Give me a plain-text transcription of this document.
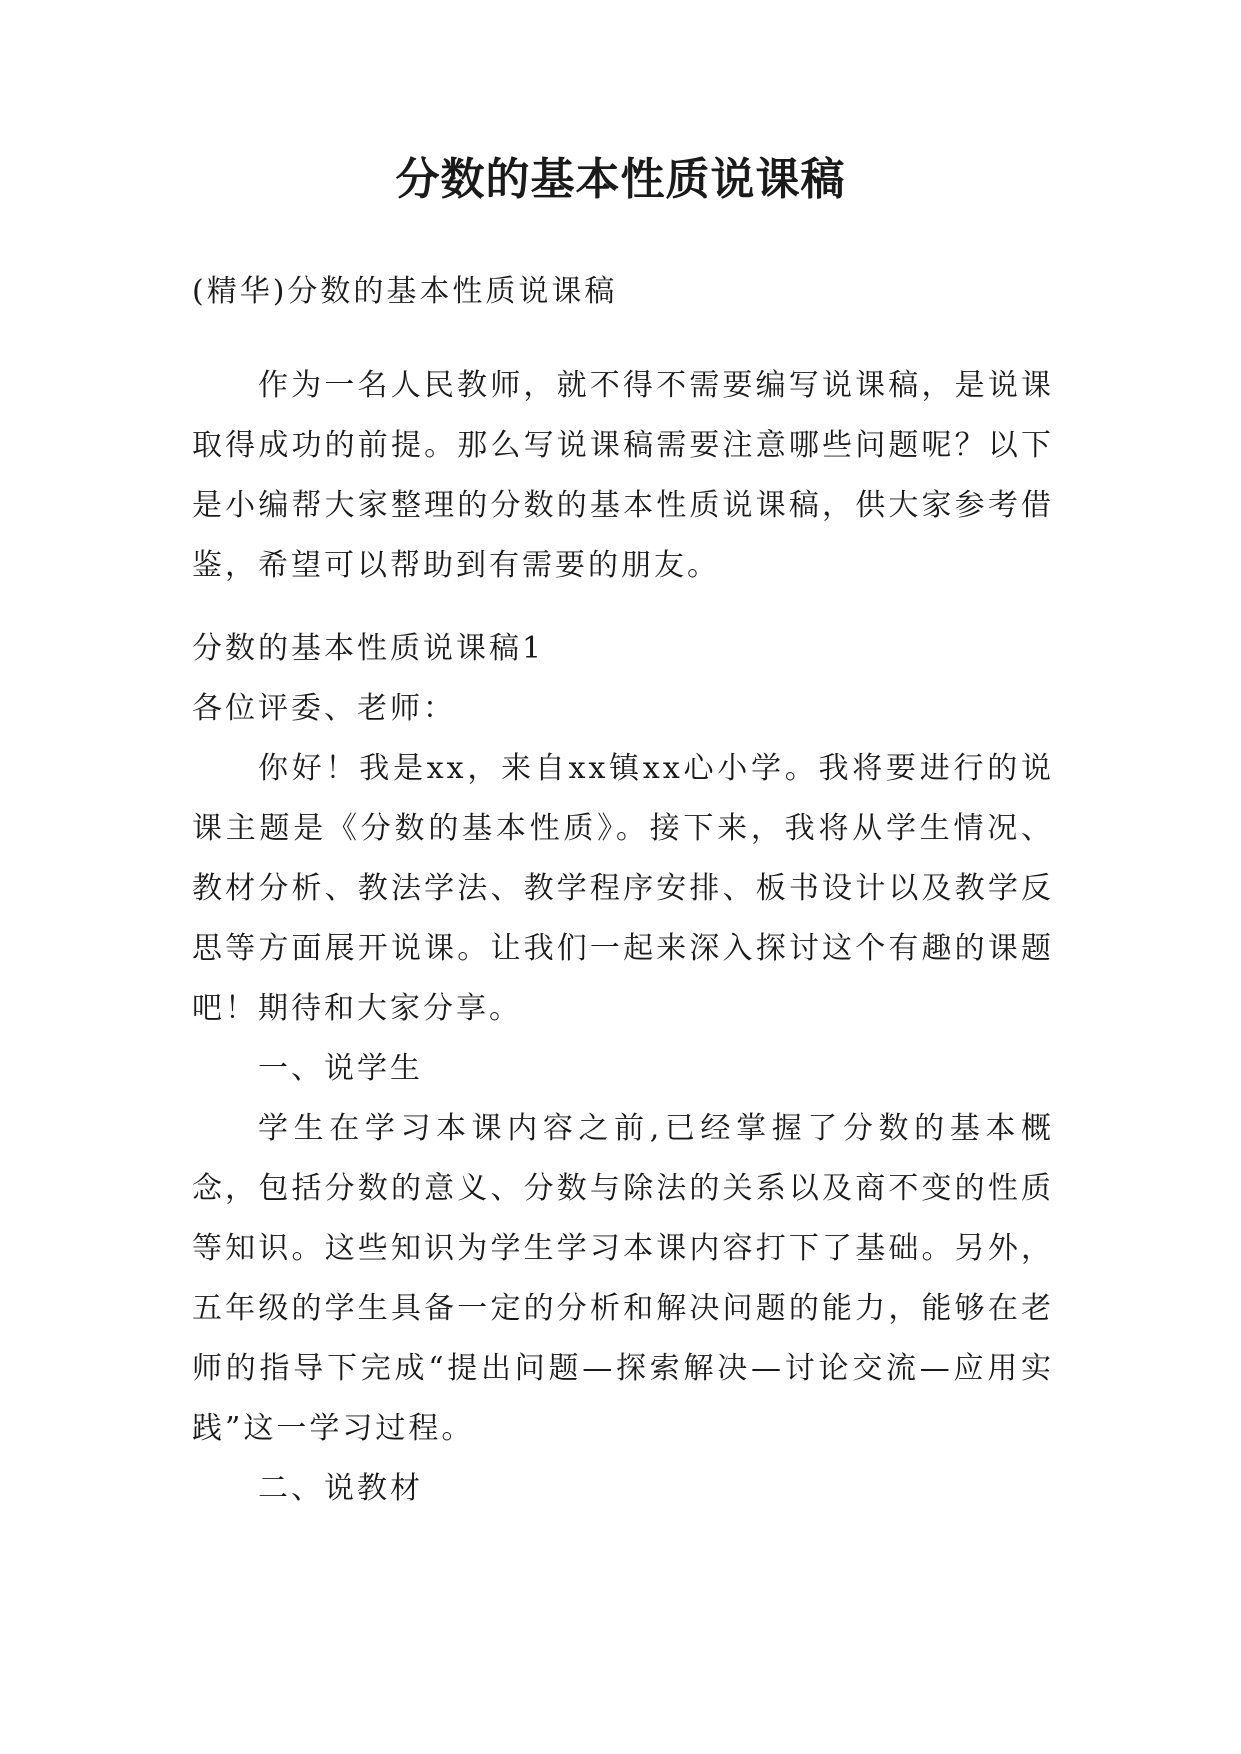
分数的基本性质说课稿

(精华)分数的基本性质说课稿

作为一名人民教师，就不得不需要编写说课稿，是说课取得成功的前提。那么写说课稿需要注意哪些问题呢？以下是小编帮大家整理的分数的基本性质说课稿，供大家参考借鉴，希望可以帮助到有需要的朋友。

分数的基本性质说课稿1

各位评委、老师：

你好！我是xx，来自xx镇xx心小学。我将要进行的说课主题是《分数的基本性质》。接下来，我将从学生情况、教材分析、教法学法、教学程序安排、板书设计以及教学反思等方面展开说课。让我们一起来深入探讨这个有趣的课题吧！期待和大家分享。

一、说学生

学生在学习本课内容之前,已经掌握了分数的基本概念，包括分数的意义、分数与除法的关系以及商不变的性质等知识。这些知识为学生学习本课内容打下了基础。另外，五年级的学生具备一定的分析和解决问题的能力，能够在老师的指导下完成“提出问题—探索解决—讨论交流—应用实践”这一学习过程。

二、说教材
